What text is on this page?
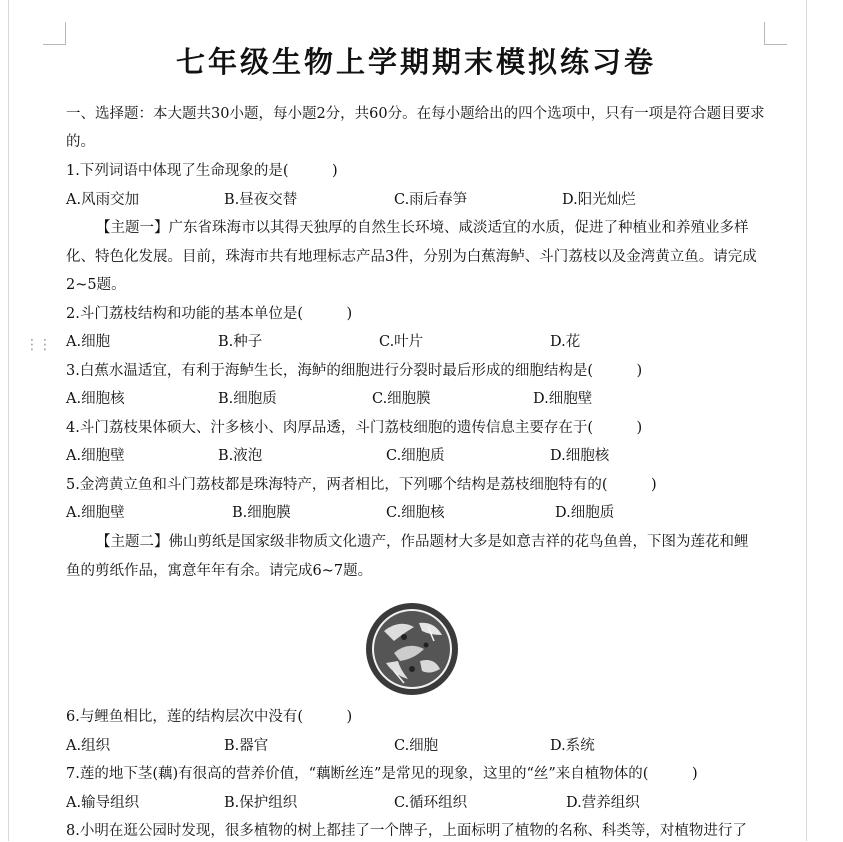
⋮⋮
七年级生物上学期期末模拟练习卷
一、选择题：本大题共30小题，每小题2分，共60分。在每小题给出的四个选项中，只有一项是符合题目要求
的。
1.下列词语中体现了生命现象的是(　　　)
A.风雨交加	B.昼夜交替	C.雨后春笋	D.阳光灿烂
【主题一】广东省珠海市以其得天独厚的自然生长环境、咸淡适宜的水质，促进了种植业和养殖业多样
化、特色化发展。目前，珠海市共有地理标志产品3件，分别为白蕉海鲈、斗门荔枝以及金湾黄立鱼。请完成
2~5题。
2.斗门荔枝结构和功能的基本单位是(　　　)
A.细胞	B.种子	C.叶片	D.花
3.白蕉水温适宜，有利于海鲈生长，海鲈的细胞进行分裂时最后形成的细胞结构是(　　　)
A.细胞核	B.细胞质	C.细胞膜	D.细胞壁
4.斗门荔枝果体硕大、汁多核小、肉厚品透，斗门荔枝细胞的遗传信息主要存在于(　　　)
A.细胞壁	B.液泡	C.细胞质	D.细胞核
5.金湾黄立鱼和斗门荔枝都是珠海特产，两者相比，下列哪个结构是荔枝细胞特有的(　　　)
A.细胞壁	B.细胞膜	C.细胞核	D.细胞质
【主题二】佛山剪纸是国家级非物质文化遗产，作品题材大多是如意吉祥的花鸟鱼兽，下图为莲花和鲤
鱼的剪纸作品，寓意年年有余。请完成6~7题。
6.与鲤鱼相比，莲的结构层次中没有(　　　)
A.组织	B.器官	C.细胞	D.系统
7.莲的地下茎(藕)有很高的营养价值，“藕断丝连”是常见的现象，这里的“丝”来自植物体的(　　　)
A.输导组织	B.保护组织	C.循环组织	D.营养组织
8.小明在逛公园时发现，很多植物的树上都挂了一个牌子，上面标明了植物的名称、科类等，对植物进行了
